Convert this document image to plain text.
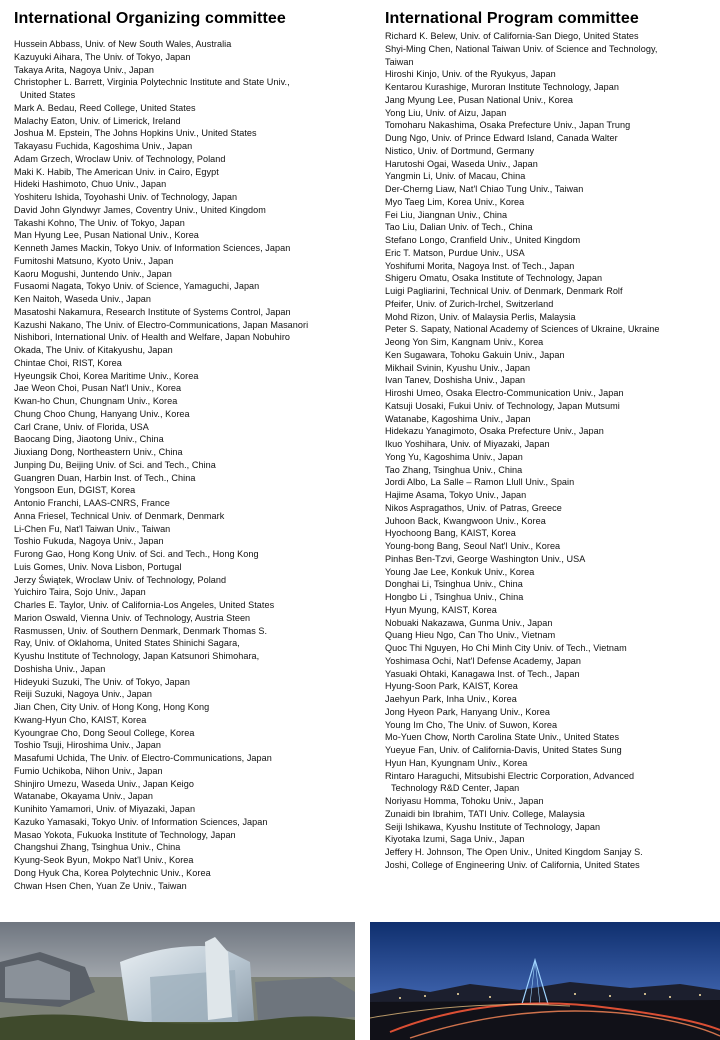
International Organizing committee
Hussein Abbass, Univ. of New South Wales, Australia
Kazuyuki Aihara, The Univ. of Tokyo, Japan
Takaya Arita, Nagoya Univ., Japan
Christopher L. Barrett, Virginia Polytechnic Institute and State Univ.,
United States
Mark A. Bedau, Reed College, United States
Malachy Eaton, Univ. of Limerick, Ireland
Joshua M. Epstein, The Johns Hopkins Univ., United States
Takayasu Fuchida, Kagoshima Univ., Japan
Adam Grzech, Wroclaw Univ. of Technology, Poland
Maki K. Habib, The American Univ. in Cairo, Egypt
Hideki Hashimoto, Chuo Univ., Japan
Yoshiteru Ishida, Toyohashi Univ. of Technology, Japan
David John Glyndwyr James, Coventry Univ., United Kingdom
Takashi Kohno, The Univ. of Tokyo, Japan
Man Hyung Lee, Pusan National Univ., Korea
Kenneth James Mackin, Tokyo Univ. of Information Sciences, Japan
Fumitoshi Matsuno, Kyoto Univ., Japan
Kaoru Mogushi, Juntendo Univ., Japan
Fusaomi Nagata, Tokyo Univ. of Science, Yamaguchi, Japan
Ken Naitoh, Waseda Univ., Japan
Masatoshi Nakamura, Research Institute of Systems Control, Japan
Kazushi Nakano, The Univ. of Electro-Communications, Japan Masanori
Nishibori, International Univ. of Health and Welfare, Japan Nobuhiro
Okada, The Univ. of Kitakyushu, Japan
Chintae Choi, RIST, Korea
Hyeungsik Choi, Korea Maritime Univ., Korea
Jae Weon Choi, Pusan Nat'l Univ., Korea
Kwan-ho Chun, Chungnam Univ., Korea
Chung Choo Chung, Hanyang Univ., Korea
Carl Crane, Univ. of Florida, USA
Baocang Ding, Jiaotong Univ., China
Jiuxiang Dong, Northeastern Univ., China
Junping Du, Beijing Univ. of Sci. and Tech., China
Guangren Duan, Harbin Inst. of Tech., China
Yongsoon Eun, DGIST, Korea
Antonio Franchi, LAAS-CNRS, France
Anna Friesel, Technical Univ. of Denmark, Denmark
Li-Chen Fu, Nat'l Taiwan Univ., Taiwan
Toshio Fukuda, Nagoya Univ., Japan
Furong Gao, Hong Kong Univ. of Sci. and Tech., Hong Kong
Luis Gomes, Univ. Nova Lisbon, Portugal
Jerzy Świątek, Wroclaw Univ. of Technology, Poland
Yuichiro Taira, Sojo Univ., Japan
Charles E. Taylor, Univ. of California-Los Angeles, United States
Marion Oswald, Vienna Univ. of Technology, Austria Steen
Rasmussen, Univ. of Southern Denmark, Denmark Thomas S.
Ray, Univ. of Oklahoma, United States Shinichi Sagara,
Kyushu Institute of Technology, Japan Katsunori Shimohara,
Doshisha Univ., Japan
Hideyuki Suzuki, The Univ. of Tokyo, Japan
Reiji Suzuki, Nagoya Univ., Japan
Jian Chen, City Univ. of Hong Kong, Hong Kong
Kwang-Hyun Cho, KAIST, Korea
Kyoungrae Cho, Dong Seoul College, Korea
Toshio Tsuji, Hiroshima Univ., Japan
Masafumi Uchida, The Univ. of Electro-Communications, Japan
Fumio Uchikoba, Nihon Univ., Japan
Shinjiro Umezu, Waseda Univ., Japan Keigo
Watanabe, Okayama Univ., Japan
Kunihito Yamamori, Univ. of Miyazaki, Japan
Kazuko Yamasaki, Tokyo Univ. of Information Sciences, Japan
Masao Yokota, Fukuoka Institute of Technology, Japan
Changshui Zhang, Tsinghua Univ., China
Kyung-Seok Byun, Mokpo Nat'l Univ., Korea
Dong Hyuk Cha, Korea Polytechnic Univ., Korea
Chwan Hsen Chen, Yuan Ze Univ., Taiwan
International Program committee
Richard K. Belew, Univ. of California-San Diego, United States
Shyi-Ming Chen, National Taiwan Univ. of Science and Technology,
Taiwan
Hiroshi Kinjo, Univ. of the Ryukyus, Japan
Kentarou Kurashige, Muroran Institute Technology, Japan
Jang Myung Lee, Pusan National Univ., Korea
Yong Liu, Univ. of Aizu, Japan
Tomoharu Nakashima, Osaka Prefecture Univ., Japan Trung
Dung Ngo, Univ. of Prince Edward Island, Canada Walter
Nistico, Univ. of Dortmund, Germany
Harutoshi Ogai, Waseda Univ., Japan
Yangmin Li, Univ. of Macau, China
Der-Cherng Liaw, Nat'l Chiao Tung Univ., Taiwan
Myo Taeg Lim, Korea Univ., Korea
Fei Liu, Jiangnan Univ., China
Tao Liu, Dalian Univ. of Tech., China
Stefano Longo, Cranfield Univ., United Kingdom
Eric T. Matson, Purdue Univ., USA
Yoshifumi Morita, Nagoya Inst. of Tech., Japan
Shigeru Omatu, Osaka Institute of Technology, Japan
Luigi Pagliarini, Technical Univ. of Denmark, Denmark Rolf
Pfeifer, Univ. of Zurich-Irchel, Switzerland
Mohd Rizon, Univ. of Malaysia Perlis, Malaysia
Peter S. Sapaty, National Academy of Sciences of Ukraine, Ukraine
Jeong Yon Sim, Kangnam Univ., Korea
Ken Sugawara, Tohoku Gakuin Univ., Japan
Mikhail Svinin, Kyushu Univ., Japan
Ivan Tanev, Doshisha Univ., Japan
Hiroshi Umeo, Osaka Electro-Communication Univ., Japan
Katsuji Uosaki, Fukui Univ. of Technology, Japan Mutsumi
Watanabe, Kagoshima Univ., Japan
Hidekazu Yanagimoto, Osaka Prefecture Univ., Japan
Ikuo Yoshihara, Univ. of Miyazaki, Japan
Yong Yu, Kagoshima Univ., Japan
Tao Zhang, Tsinghua Univ., China
Jordi Albo, La Salle – Ramon Llull Univ., Spain
Hajime Asama, Tokyo Univ., Japan
Nikos Aspragathos, Univ. of Patras, Greece
Juhoon Back, Kwangwoon Univ., Korea
Hyochoong Bang, KAIST, Korea
Young-bong Bang, Seoul Nat'l Univ., Korea
Pinhas Ben-Tzvi, George Washington Univ., USA
Young Jae Lee, Konkuk Univ., Korea
Donghai Li, Tsinghua Univ., China
Hongbo Li , Tsinghua Univ., China
Hyun Myung, KAIST, Korea
Nobuaki Nakazawa, Gunma Univ., Japan
Quang Hieu Ngo, Can Tho Univ., Vietnam
Quoc Thi Nguyen, Ho Chi Minh City Univ. of Tech., Vietnam
Yoshimasa Ochi, Nat'l Defense Academy, Japan
Yasuaki Ohtaki, Kanagawa Inst. of Tech., Japan
Hyung-Soon Park, KAIST, Korea
Jaehyun Park, Inha Univ., Korea
Jong Hyeon Park, Hanyang Univ., Korea
Young Im Cho, The Univ. of Suwon, Korea
Mo-Yuen Chow, North Carolina State Univ., United States
Yueyue Fan, Univ. of California-Davis, United States Sung
Hyun Han, Kyungnam Univ., Korea
Rintaro Haraguchi, Mitsubishi Electric Corporation, Advanced
Technology R&D Center, Japan
Noriyasu Homma, Tohoku Univ., Japan
Zunaidi bin Ibrahim, TATI Univ. College, Malaysia
Seiji Ishikawa, Kyushu Institute of Technology, Japan
Kiyotaka Izumi, Saga Univ., Japan
Jeffery H. Johnson, The Open Univ., United Kingdom Sanjay S.
Joshi, College of Engineering Univ. of California, United States
